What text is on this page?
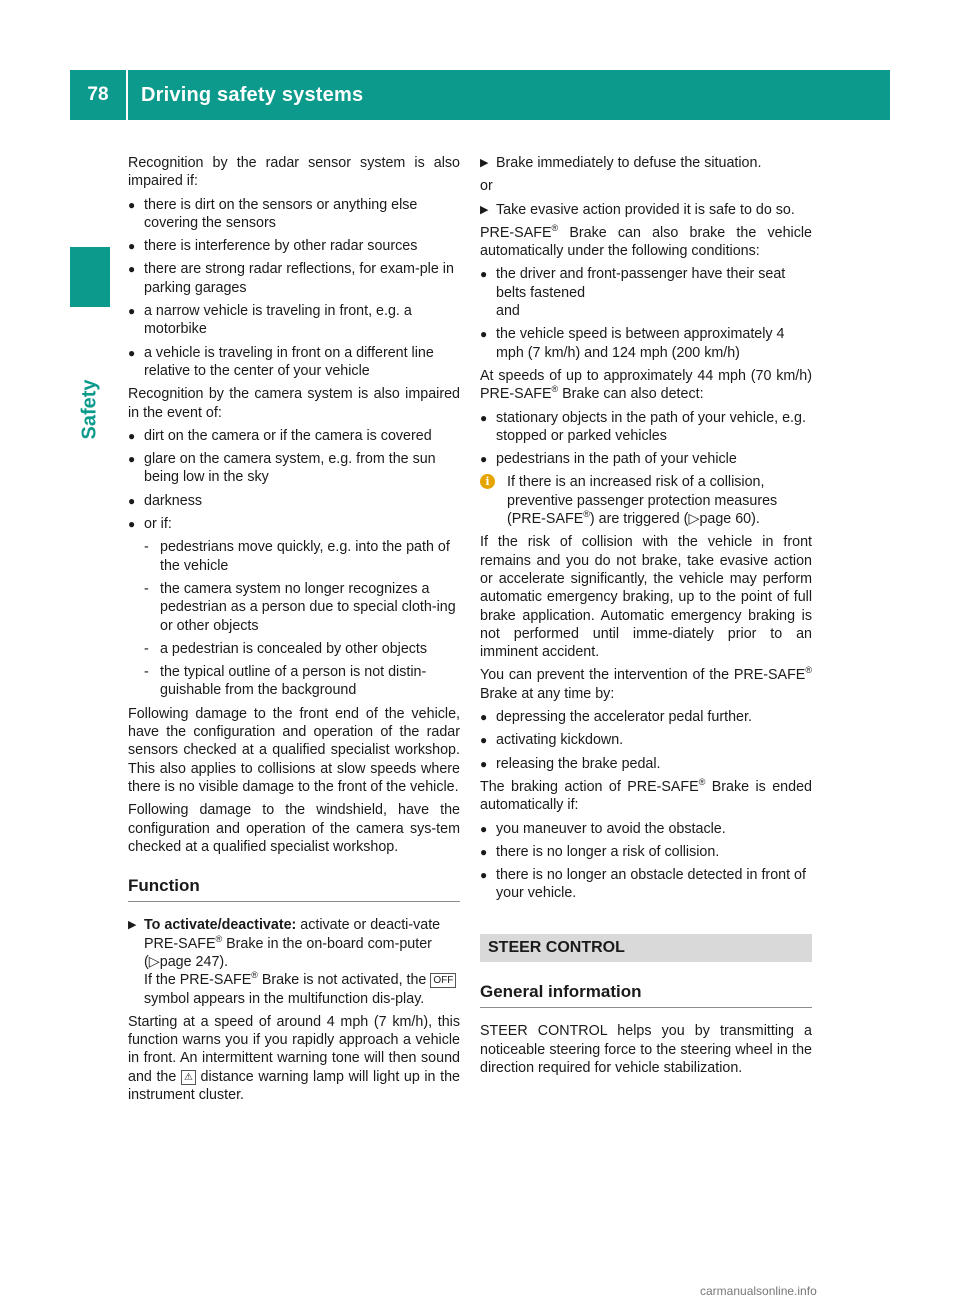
78	Driving safety systems
Safety

Recognition by the radar sensor system is also impaired if:

● there is dirt on the sensors or anything else covering the sensors
● there is interference by other radar sources
● there are strong radar reflections, for exam-ple in parking garages
● a narrow vehicle is traveling in front, e.g. a motorbike
● a vehicle is traveling in front on a different line relative to the center of your vehicle

Recognition by the camera system is also impaired in the event of:

● dirt on the camera or if the camera is covered
● glare on the camera system, e.g. from the sun being low in the sky
● darkness
● or if:
- pedestrians move quickly, e.g. into the path of the vehicle
- the camera system no longer recognizes a pedestrian as a person due to special cloth-ing or other objects
- a pedestrian is concealed by other objects
- the typical outline of a person is not distin-guishable from the background

Following damage to the front end of the vehicle, have the configuration and operation of the radar sensors checked at a qualified specialist workshop. This also applies to collisions at slow speeds where there is no visible damage to the front of the vehicle.

Following damage to the windshield, have the configuration and operation of the camera sys-tem checked at a qualified specialist workshop.

Function
▶ To activate/deactivate: activate or deacti-vate PRE-SAFE® Brake in the on-board com-puter (▷page 247).
If the PRE-SAFE® Brake is not activated, the OFF symbol appears in the multifunction dis-play.

Starting at a speed of around 4 mph (7 km/h), this function warns you if you rapidly approach a vehicle in front. An intermittent warning tone will then sound and the ⚠ distance warning lamp will light up in the instrument cluster.

▶ Brake immediately to defuse the situation.

or

▶ Take evasive action provided it is safe to do so.

PRE-SAFE® Brake can also brake the vehicle automatically under the following conditions:

● the driver and front-passenger have their seat belts fastened
and
● the vehicle speed is between approximately 4 mph (7 km/h) and 124 mph (200 km/h)

At speeds of up to approximately 44 mph (70 km/h) PRE-SAFE® Brake can also detect:

● stationary objects in the path of your vehicle, e.g. stopped or parked vehicles
● pedestrians in the path of your vehicle
i	If there is an increased risk of a collision, preventive passenger protection measures (PRE-SAFE®) are triggered (▷page 60).

If the risk of collision with the vehicle in front remains and you do not brake, take evasive action or accelerate significantly, the vehicle may perform automatic emergency braking, up to the point of full brake application. Automatic emergency braking is not performed until imme-diately prior to an imminent accident.

You can prevent the intervention of the PRE-SAFE® Brake at any time by:

● depressing the accelerator pedal further.
● activating kickdown.
● releasing the brake pedal.

The braking action of PRE-SAFE® Brake is ended automatically if:

● you maneuver to avoid the obstacle.
● there is no longer a risk of collision.
● there is no longer an obstacle detected in front of your vehicle.
STEER CONTROL
General information

STEER CONTROL helps you by transmitting a noticeable steering force to the steering wheel in the direction required for vehicle stabilization.

carmanualsonline.info
